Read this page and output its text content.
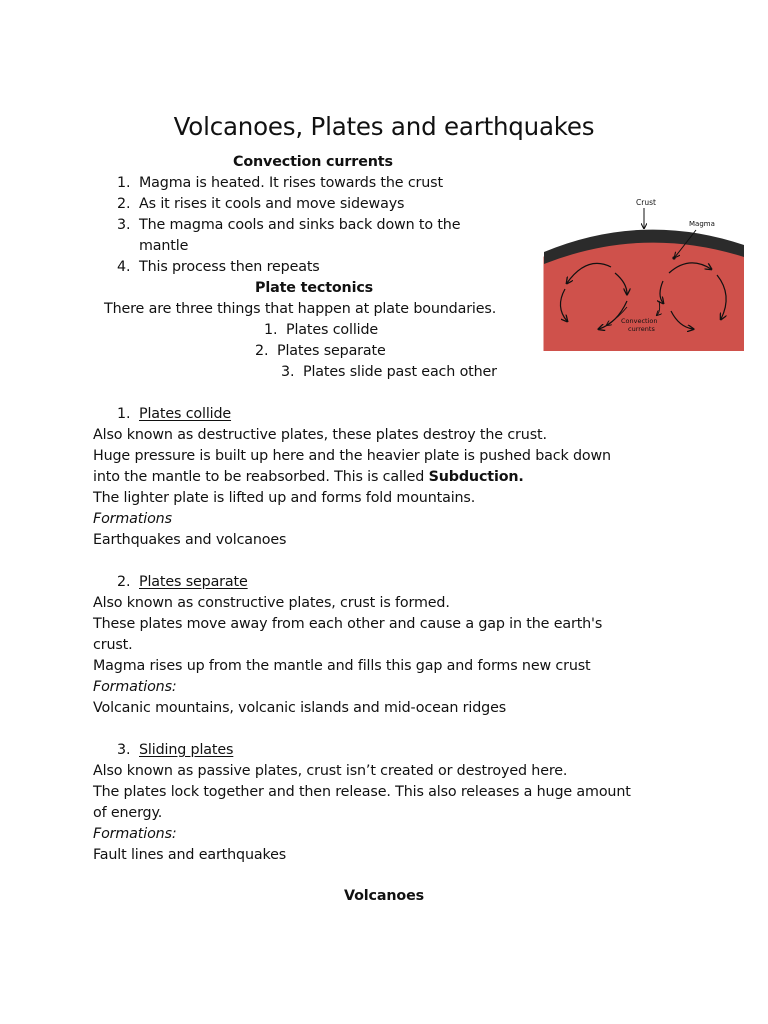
Volcanoes, Plates and earthquakes
Convection currents
1. Magma is heated. It rises towards the crust
2. As it rises it cools and move sideways
3. The magma cools and sinks back down to the
mantle
4. This process then repeats
Plate tectonics
There are three things that happen at plate boundaries.
1. Plates collide
2. Plates separate
3. Plates slide past each other
1. Plates collide
Also known as destructive plates, these plates destroy the crust.
Huge pressure is built up here and the heavier plate is pushed back down
into the mantle to be reabsorbed. This is called Subduction.
The lighter plate is lifted up and forms fold mountains.
Formations
Earthquakes and volcanoes
2. Plates separate
Also known as constructive plates, crust is formed.
These plates move away from each other and cause a gap in the earth's
crust.
Magma rises up from the mantle and fills this gap and forms new crust
Formations:
Volcanic mountains, volcanic islands and mid-ocean ridges
3. Sliding plates
Also known as passive plates, crust isn’t created or destroyed here.
The plates lock together and then release. This also releases a huge amount
of energy.
Formations:
Fault lines and earthquakes
Volcanoes
Crust
Magma
Convection
currents
